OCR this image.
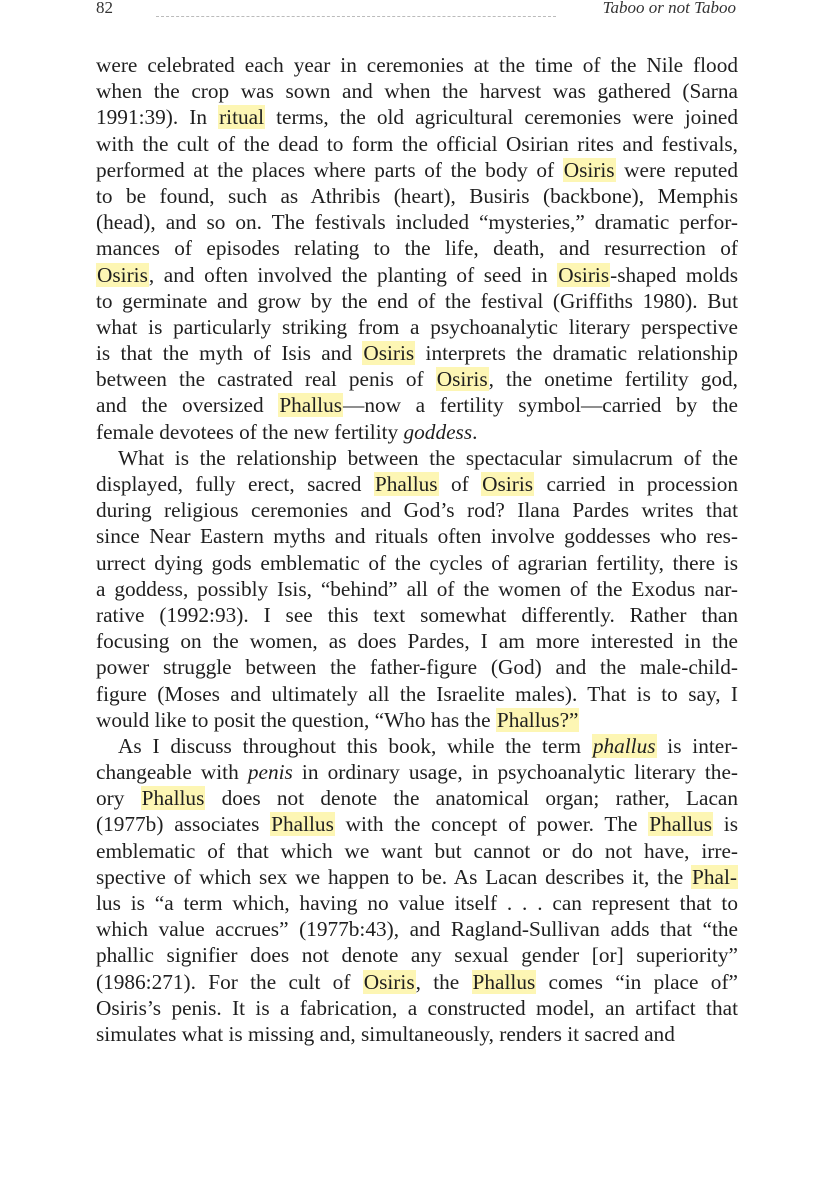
82	Taboo or not Taboo
were celebrated each year in ceremonies at the time of the Nile flood
when the crop was sown and when the harvest was gathered (Sarna
1991:39). In ritual terms, the old agricultural ceremonies were joined
with the cult of the dead to form the official Osirian rites and festivals,
performed at the places where parts of the body of Osiris were reputed
to be found, such as Athribis (heart), Busiris (backbone), Memphis
(head), and so on. The festivals included “mysteries,” dramatic perfor-
mances of episodes relating to the life, death, and resurrection of
Osiris, and often involved the planting of seed in Osiris-shaped molds
to germinate and grow by the end of the festival (Griffiths 1980). But
what is particularly striking from a psychoanalytic literary perspective
is that the myth of Isis and Osiris interprets the dramatic relationship
between the castrated real penis of Osiris, the onetime fertility god,
and the oversized Phallus—now a fertility symbol—carried by the
female devotees of the new fertility goddess.
What is the relationship between the spectacular simulacrum of the
displayed, fully erect, sacred Phallus of Osiris carried in procession
during religious ceremonies and God’s rod? Ilana Pardes writes that
since Near Eastern myths and rituals often involve goddesses who res-
urrect dying gods emblematic of the cycles of agrarian fertility, there is
a goddess, possibly Isis, “behind” all of the women of the Exodus nar-
rative (1992:93). I see this text somewhat differently. Rather than
focusing on the women, as does Pardes, I am more interested in the
power struggle between the father-figure (God) and the male-child-
figure (Moses and ultimately all the Israelite males). That is to say, I
would like to posit the question, “Who has the Phallus?”
As I discuss throughout this book, while the term phallus is inter-
changeable with penis in ordinary usage, in psychoanalytic literary the-
ory Phallus does not denote the anatomical organ; rather, Lacan
(1977b) associates Phallus with the concept of power. The Phallus is
emblematic of that which we want but cannot or do not have, irre-
spective of which sex we happen to be. As Lacan describes it, the Phal-
lus is “a term which, having no value itself . . . can represent that to
which value accrues” (1977b:43), and Ragland-Sullivan adds that “the
phallic signifier does not denote any sexual gender [or] superiority”
(1986:271). For the cult of Osiris, the Phallus comes “in place of”
Osiris’s penis. It is a fabrication, a constructed model, an artifact that
simulates what is missing and, simultaneously, renders it sacred and
